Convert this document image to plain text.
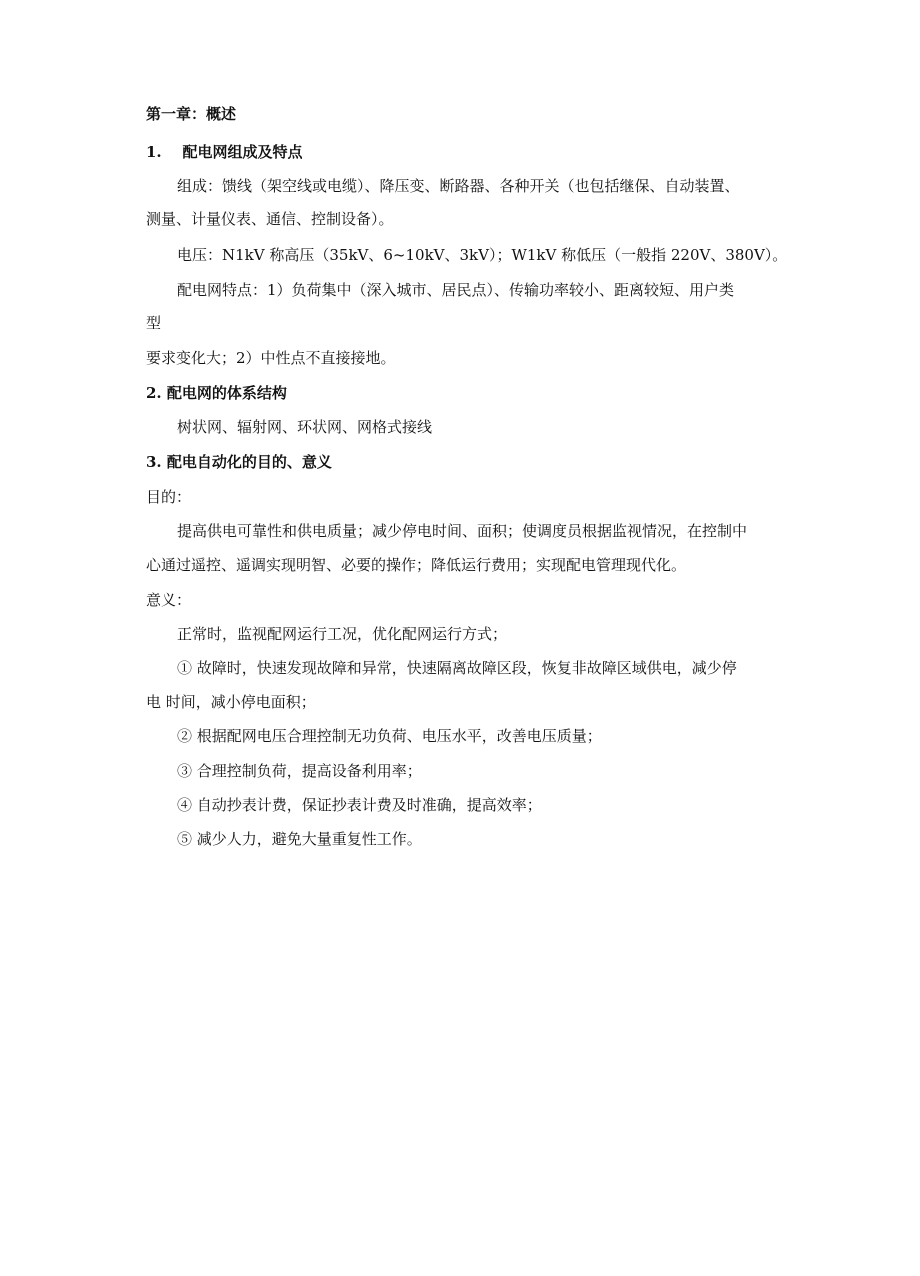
第一章：概述
1.    配电网组成及特点
组成：馈线（架空线或电缆）、降压变、断路器、各种开关（也包括继保、自动装置、
测量、计量仪表、通信、控制设备）。
电压：N1kV 称高压（35kV、6~10kV、3kV）；W1kV 称低压（一般指 220V、380V）。
配电网特点：1）负荷集中（深入城市、居民点）、传输功率较小、距离较短、用户类
型
要求变化大；2）中性点不直接接地。
2. 配电网的体系结构
树状网、辐射网、环状网、网格式接线
3. 配电自动化的目的、意义
目的：
提高供电可靠性和供电质量；减少停电时间、面积；使调度员根据监视情况，在控制中
心通过遥控、遥调实现明智、必要的操作；降低运行费用；实现配电管理现代化。
意义：
正常时，监视配网运行工况，优化配网运行方式；
① 故障时，快速发现故障和异常，快速隔离故障区段，恢复非故障区域供电，减少停
电 时间，减小停电面积；
② 根据配网电压合理控制无功负荷、电压水平，改善电压质量；
③ 合理控制负荷，提高设备利用率；
④ 自动抄表计费，保证抄表计费及时准确，提高效率；
⑤ 减少人力，避免大量重复性工作。
